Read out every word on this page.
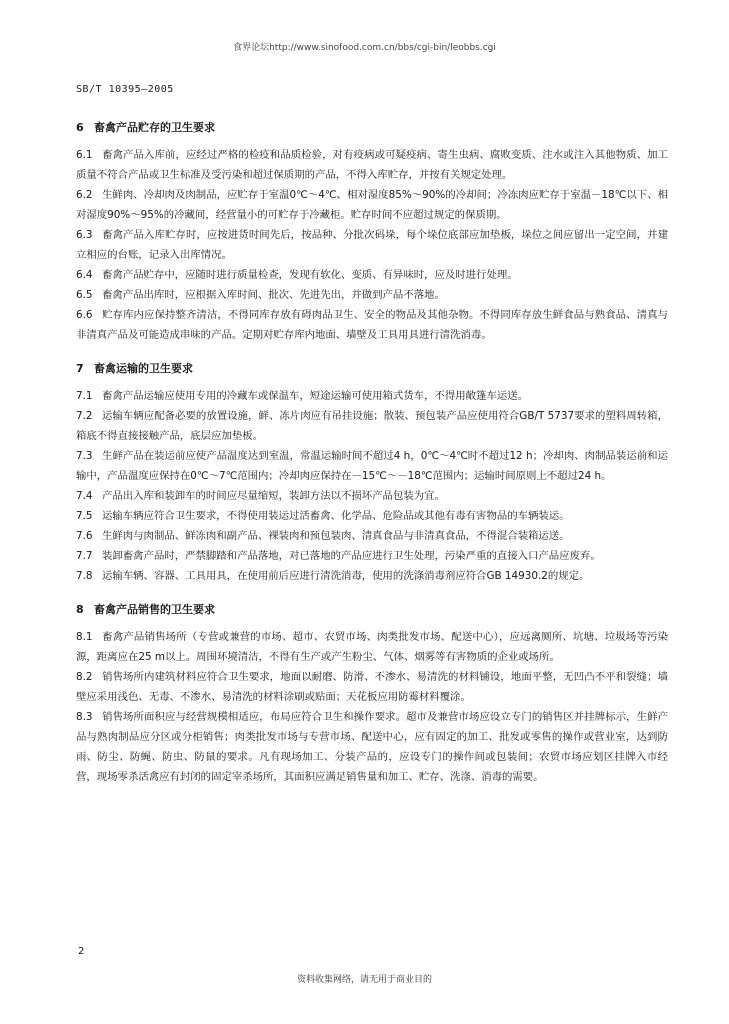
食界论坛http://www.sinofood.com.cn/bbs/cgi-bin/leobbs.cgi
SB/T 10395—2005
6 畜禽产品贮存的卫生要求

6.1 畜禽产品入库前，应经过严格的检疫和品质检验，对有疫病或可疑疫病、寄生虫病、腐败变质、注水或注入其他物质、加工质量不符合产品或卫生标准及受污染和超过保质期的产品，不得入库贮存，并按有关规定处理。

6.2 生鲜肉、冷却肉及肉制品，应贮存于室温0℃～4℃、相对湿度85%～90%的冷却间；冷冻肉应贮存于室温－18℃以下、相对湿度90%～95%的冷藏间，经营量小的可贮存于冷藏柜。贮存时间不应超过规定的保质期。

6.3 畜禽产品入库贮存时，应按进货时间先后，按品种、分批次码垛，每个垛位底部应加垫板，垛位之间应留出一定空间，并建立相应的台账，记录入出库情况。

6.4 畜禽产品贮存中，应随时进行质量检查，发现有软化、变质、有异味时，应及时进行处理。

6.5 畜禽产品出库时，应根据入库时间、批次、先进先出，并做到产品不落地。

6.6 贮存库内应保持整齐清洁，不得同库存放有碍肉品卫生、安全的物品及其他杂物。不得同库存放生鲜食品与熟食品、清真与非清真产品及可能造成串味的产品。定期对贮存库内地面、墙壁及工具用具进行清洗消毒。

7 畜禽运输的卫生要求

7.1 畜禽产品运输应使用专用的冷藏车或保温车，短途运输可使用箱式货车，不得用敞篷车运送。

7.2 运输车辆应配备必要的放置设施，鲜、冻片肉应有吊挂设施；散装、预包装产品应使用符合GB/T 5737要求的塑料周转箱，箱底不得直接接触产品，底层应加垫板。

7.3 生鲜产品在装运前应使产品温度达到室温，常温运输时间不超过4 h，0℃～4℃时不超过12 h；冷却肉、肉制品装运前和运输中，产品温度应保持在0℃～7℃范围内；冷却肉应保持在－15℃～－18℃范围内；运输时间原则上不超过24 h。

7.4 产品出入库和装卸车的时间应尽量缩短，装卸方法以不损坏产品包装为宜。

7.5 运输车辆应符合卫生要求，不得使用装运过活畜禽、化学品、危险品或其他有毒有害物品的车辆装运。

7.6 生鲜肉与肉制品、鲜冻肉和副产品、裸装肉和预包装肉、清真食品与非清真食品，不得混合装箱运送。

7.7 装卸畜禽产品时，严禁脚踏和产品落地，对已落地的产品应进行卫生处理，污染严重的直接入口产品应废弃。

7.8 运输车辆、容器、工具用具，在使用前后应进行清洗消毒，使用的洗涤消毒剂应符合GB 14930.2的规定。

8 畜禽产品销售的卫生要求

8.1 畜禽产品销售场所（专营或兼营的市场、超市、农贸市场、肉类批发市场、配送中心），应远离厕所、坑塘、垃圾场等污染源，距离应在25 m以上。周围环境清洁，不得有生产或产生粉尘、气体、烟雾等有害物质的企业或场所。

8.2 销售场所内建筑材料应符合卫生要求，地面以耐磨、防滑、不渗水、易清洗的材料铺设，地面平整，无凹凸不平和裂缝；墙壁应采用浅色、无毒、不渗水、易清洗的材料涂刷或贴面；天花板应用防霉材料覆涂。

8.3 销售场所面积应与经营规模相适应，布局应符合卫生和操作要求。超市及兼营市场应设立专门的销售区并挂牌标示，生鲜产品与熟肉制品应分区或分柜销售；肉类批发市场与专营市场、配送中心，应有固定的加工、批发或零售的操作或营业室，达到防雨、防尘、防蝇、防虫、防鼠的要求。凡有现场加工、分装产品的，应设专门的操作间或包装间；农贸市场应划区挂牌入市经营，现场零杀活禽应有封闭的固定宰杀场所，其面积应满足销售量和加工、贮存、洗涤、消毒的需要。

2
资料收集网络，请无用于商业目的
